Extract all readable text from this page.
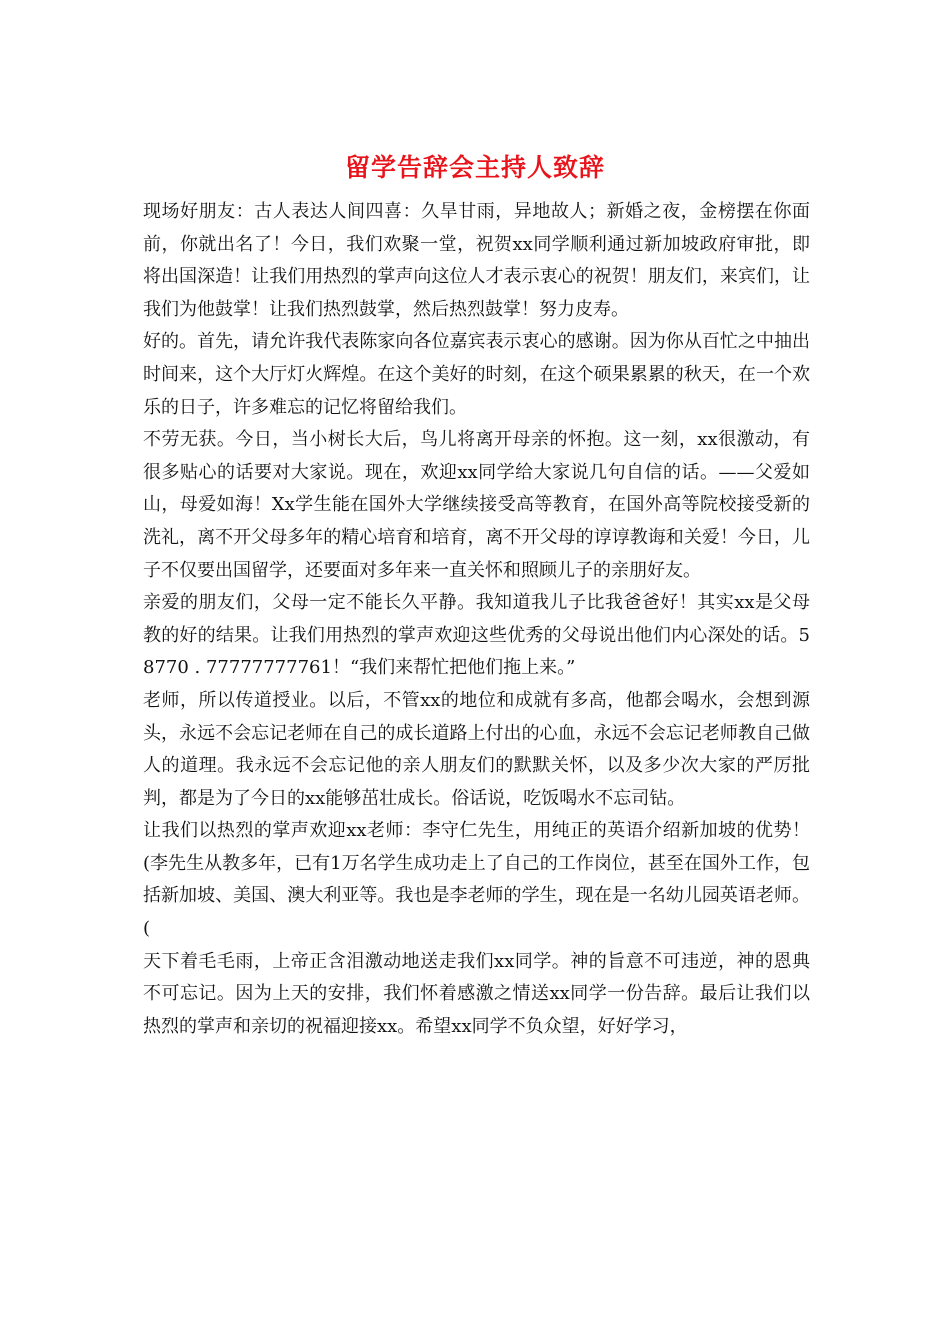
留学告辞会主持人致辞

现场好朋友：古人表达人间四喜：久旱甘雨，异地故人；新婚之夜，金榜摆在你面前，你就出名了！今日，我们欢聚一堂，祝贺xx同学顺利通过新加坡政府审批，即将出国深造！让我们用热烈的掌声向这位人才表示衷心的祝贺！朋友们，来宾们，让我们为他鼓掌！让我们热烈鼓掌，然后热烈鼓掌！努力皮寿。

好的。首先，请允许我代表陈家向各位嘉宾表示衷心的感谢。因为你从百忙之中抽出时间来，这个大厅灯火辉煌。在这个美好的时刻，在这个硕果累累的秋天，在一个欢乐的日子，许多难忘的记忆将留给我们。

不劳无获。今日，当小树长大后，鸟儿将离开母亲的怀抱。这一刻，xx很激动，有很多贴心的话要对大家说。现在，欢迎xx同学给大家说几句自信的话。——父爱如山，母爱如海！Xx学生能在国外大学继续接受高等教育，在国外高等院校接受新的洗礼，离不开父母多年的精心培育和培育，离不开父母的谆谆教诲和关爱！今日，儿子不仅要出国留学，还要面对多年来一直关怀和照顾儿子的亲朋好友。

亲爱的朋友们，父母一定不能长久平静。我知道我儿子比我爸爸好！其实xx是父母教的好的结果。让我们用热烈的掌声欢迎这些优秀的父母说出他们内心深处的话。58770 . 77777777761！“我们来帮忙把他们拖上来。”

老师，所以传道授业。以后，不管xx的地位和成就有多高，他都会喝水，会想到源头，永远不会忘记老师在自己的成长道路上付出的心血，永远不会忘记老师教自己做人的道理。我永远不会忘记他的亲人朋友们的默默关怀，以及多少次大家的严厉批判，都是为了今日的xx能够茁壮成长。俗话说，吃饭喝水不忘司钻。

让我们以热烈的掌声欢迎xx老师：李守仁先生，用纯正的英语介绍新加坡的优势！(李先生从教多年，已有1万名学生成功走上了自己的工作岗位，甚至在国外工作，包括新加坡、美国、澳大利亚等。我也是李老师的学生，现在是一名幼儿园英语老师。(

天下着毛毛雨，上帝正含泪激动地送走我们xx同学。神的旨意不可违逆，神的恩典不可忘记。因为上天的安排，我们怀着感激之情送xx同学一份告辞。最后让我们以热烈的掌声和亲切的祝福迎接xx。希望xx同学不负众望，好好学习，
